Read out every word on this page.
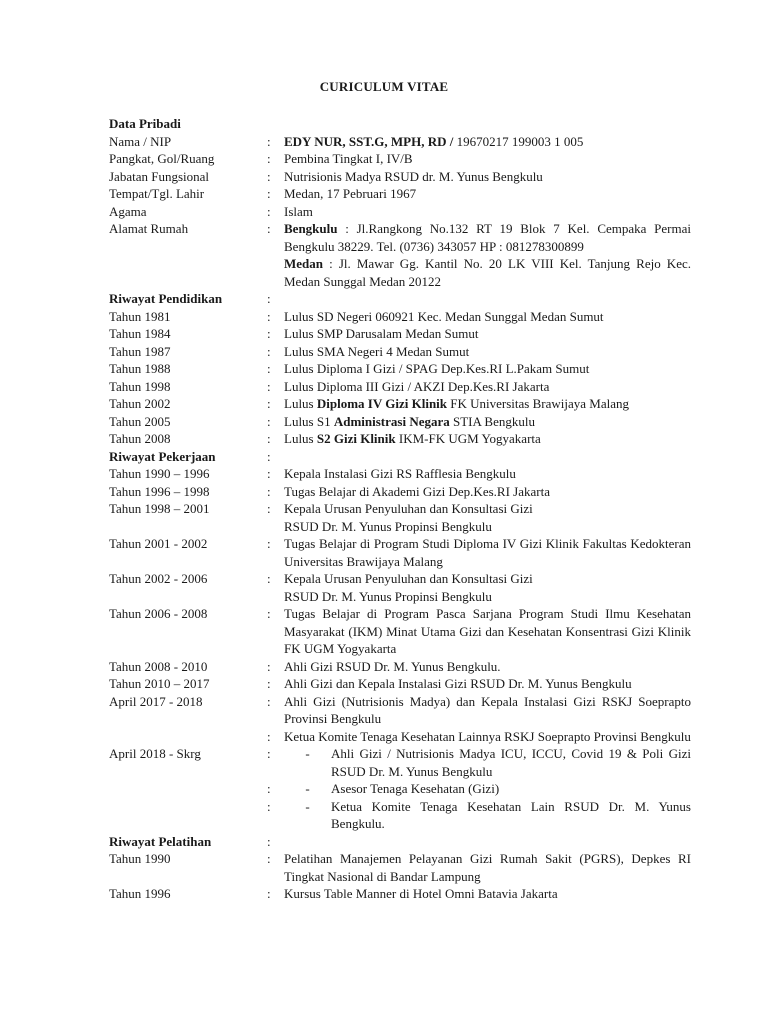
CURICULUM VITAE
Data Pribadi
Nama / NIP	:	EDY NUR, SST.G, MPH, RD / 19670217 199003 1 005
Pangkat, Gol/Ruang	:	Pembina Tingkat I, IV/B
Jabatan Fungsional	:	Nutrisionis Madya RSUD dr. M. Yunus Bengkulu
Tempat/Tgl. Lahir	:	Medan, 17 Pebruari 1967
Agama	:	Islam
Alamat Rumah	:	Bengkulu : Jl.Rangkong No.132 RT 19 Blok 7 Kel. Cempaka Permai Bengkulu 38229. Tel. (0736) 343057 HP : 081278300899
Medan : Jl. Mawar Gg. Kantil No. 20 LK VIII Kel. Tanjung Rejo Kec. Medan Sunggal Medan 20122
Riwayat Pendidikan	:
Tahun 1981	:	Lulus SD Negeri 060921 Kec. Medan Sunggal Medan Sumut
Tahun 1984	:	Lulus SMP Darusalam Medan Sumut
Tahun 1987	:	Lulus SMA Negeri 4 Medan Sumut
Tahun 1988	:	Lulus Diploma I Gizi / SPAG Dep.Kes.RI L.Pakam Sumut
Tahun 1998	:	Lulus Diploma III Gizi / AKZI Dep.Kes.RI Jakarta
Tahun 2002	:	Lulus Diploma IV Gizi Klinik FK Universitas Brawijaya Malang
Tahun 2005	:	Lulus S1 Administrasi Negara STIA Bengkulu
Tahun 2008	:	Lulus S2 Gizi Klinik IKM-FK UGM Yogyakarta
Riwayat Pekerjaan	:
Tahun 1990 – 1996	:	Kepala Instalasi Gizi RS Rafflesia Bengkulu
Tahun 1996 – 1998	:	Tugas Belajar di Akademi Gizi Dep.Kes.RI Jakarta
Tahun 1998 – 2001	:	Kepala Urusan Penyuluhan dan Konsultasi Gizi
RSUD Dr. M. Yunus Propinsi Bengkulu
Tahun 2001 - 2002	:	Tugas Belajar di Program Studi Diploma IV Gizi Klinik Fakultas Kedokteran Universitas Brawijaya Malang
Tahun 2002 - 2006	:	Kepala Urusan Penyuluhan dan Konsultasi Gizi
RSUD Dr. M. Yunus Propinsi Bengkulu
Tahun 2006 - 2008	:	Tugas Belajar di Program Pasca Sarjana Program Studi Ilmu Kesehatan Masyarakat (IKM) Minat Utama Gizi dan Kesehatan Konsentrasi Gizi Klinik FK UGM Yogyakarta
Tahun 2008 - 2010	:	Ahli Gizi RSUD Dr. M. Yunus Bengkulu.
Tahun 2010 – 2017	:	Ahli Gizi dan Kepala Instalasi Gizi RSUD Dr. M. Yunus Bengkulu
April 2017 - 2018	:	Ahli Gizi (Nutrisionis Madya) dan Kepala Instalasi Gizi RSKJ Soeprapto Provinsi Bengkulu
:	Ketua Komite Tenaga Kesehatan Lainnya RSKJ Soeprapto Provinsi Bengkulu
April 2018 - Skrg	:	-	Ahli Gizi / Nutrisionis Madya ICU, ICCU, Covid 19 & Poli Gizi RSUD Dr. M. Yunus Bengkulu
:	-	Asesor Tenaga Kesehatan (Gizi)
:	-	Ketua Komite Tenaga Kesehatan Lain RSUD Dr. M. Yunus Bengkulu.
Riwayat Pelatihan	:
Tahun 1990	:	Pelatihan Manajemen Pelayanan Gizi Rumah Sakit (PGRS), Depkes RI Tingkat Nasional di Bandar Lampung
Tahun 1996	:	Kursus Table Manner di Hotel Omni Batavia Jakarta
